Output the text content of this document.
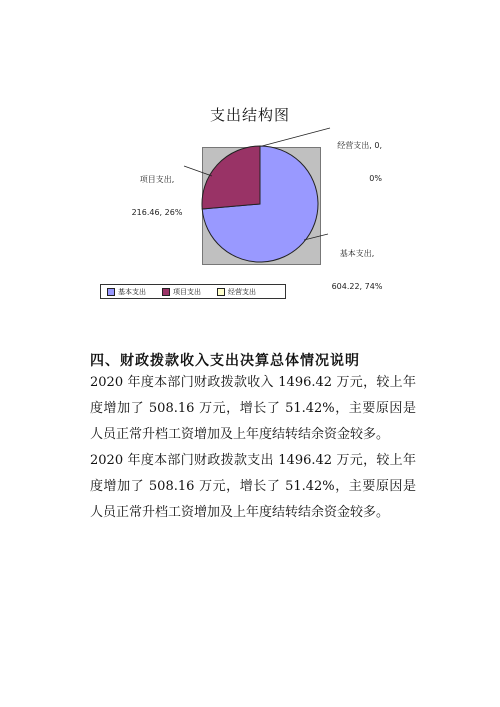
支出结构图

经营支出, 0,

0%

项目支出,

216.46, 26%

基本支出,

604.22, 74%

基本支出	项目支出	经营支出
四、财政拨款收入支出决算总体情况说明

2020 年度本部门财政拨款收入 1496.42 万元，较上年度增加了 508.16 万元，增长了 51.42%，主要原因是人员正常升档工资增加及上年度结转结余资金较多。

2020 年度本部门财政拨款支出 1496.42 万元，较上年度增加了 508.16 万元，增长了 51.42%，主要原因是人员正常升档工资增加及上年度结转结余资金较多。
